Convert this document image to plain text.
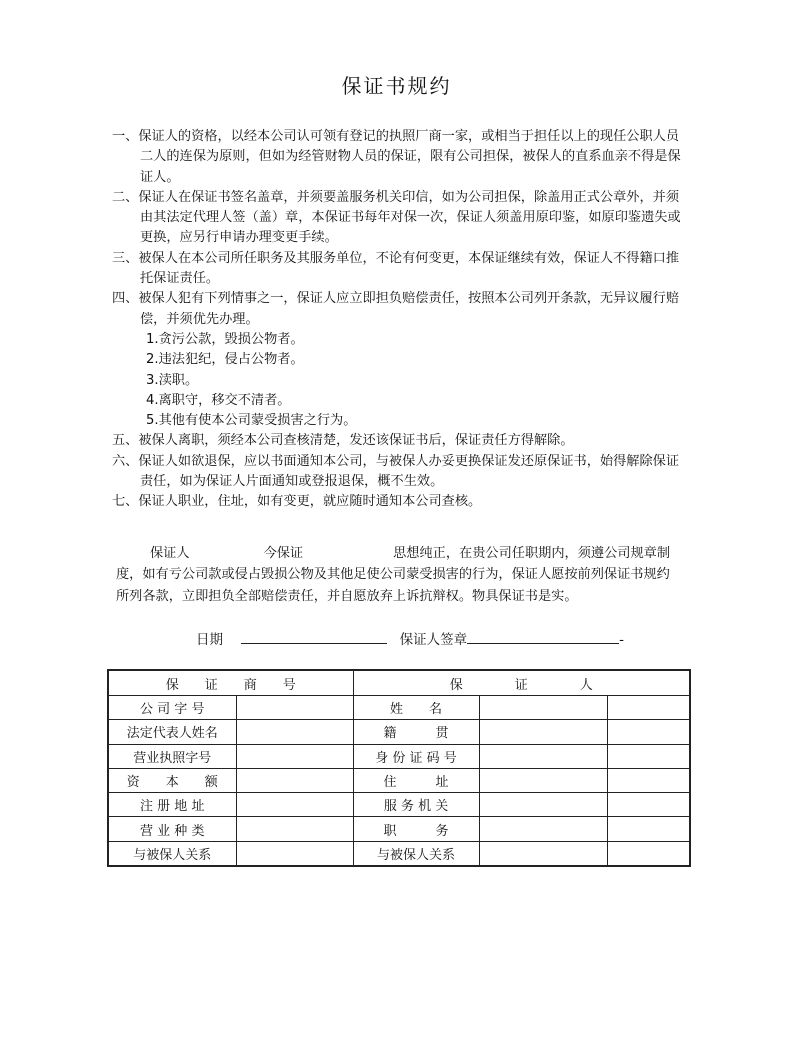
保证书规约

一、保证人的资格，以经本公司认可领有登记的执照厂商一家，或相当于担任以上的现任公职人员二人的连保为原则，但如为经管财物人员的保证，限有公司担保，被保人的直系血亲不得是保证人。

二、保证人在保证书签名盖章，并须要盖服务机关印信，如为公司担保，除盖用正式公章外，并须由其法定代理人签（盖）章，本保证书每年对保一次，保证人须盖用原印鉴，如原印鉴遗失或更换，应另行申请办理变更手续。

三、被保人在本公司所任职务及其服务单位，不论有何变更，本保证继续有效，保证人不得籍口推托保证责任。

四、被保人犯有下列情事之一，保证人应立即担负赔偿责任，按照本公司列开条款，无异议履行赔偿，并须优先办理。

1.贪污公款，毁损公物者。

2.违法犯纪，侵占公物者。

3.渎职。

4.离职守，移交不清者。

5.其他有使本公司蒙受损害之行为。

五、被保人离职，须经本公司查核清楚，发还该保证书后，保证责任方得解除。

六、保证人如欲退保，应以书面通知本公司，与被保人办妥更换保证发还原保证书，始得解除保证责任，如为保证人片面通知或登报退保，概不生效。

七、保证人职业，住址，如有变更，就应随时通知本公司查核。

保证人	今保证	思想纯正，在贵公司任职期内，须遵公司规章制度，如有亏公司款或侵占毁损公物及其他足使公司蒙受损害的行为，保证人愿按前列保证书规约所列各款，立即担负全部赔偿责任，并自愿放弃上诉抗辩权。物具保证书是实。

日期	保证人签章	-
保　　证　　商　　号		保　　　　证　　　　人		
公 司 字 号		姓　　名		
法定代表人姓名		籍　　　贯		
营业执照字号		身 份 证 码 号		
资　　本　　额		住　　　址		
注 册 地 址		服 务 机 关		
营 业 种 类		职　　　务		
与被保人关系		与被保人关系		
